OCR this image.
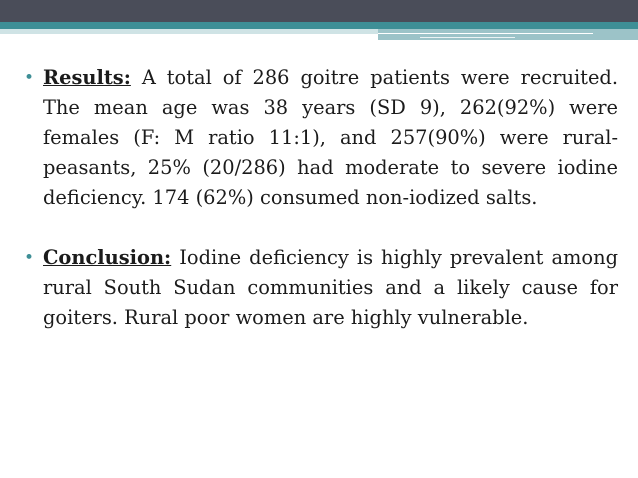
• Results: A total of 286 goitre patients were recruited. The mean age was 38 years (SD 9), 262(92%) were females (F: M ratio 11:1), and 257(90%) were rural- peasants, 25% (20/286) had moderate to severe iodine deficiency. 174 (62%) consumed non-iodized salts.
• Conclusion: Iodine deficiency is highly prevalent among rural South Sudan communities and a likely cause for goiters. Rural poor women are highly vulnerable.
